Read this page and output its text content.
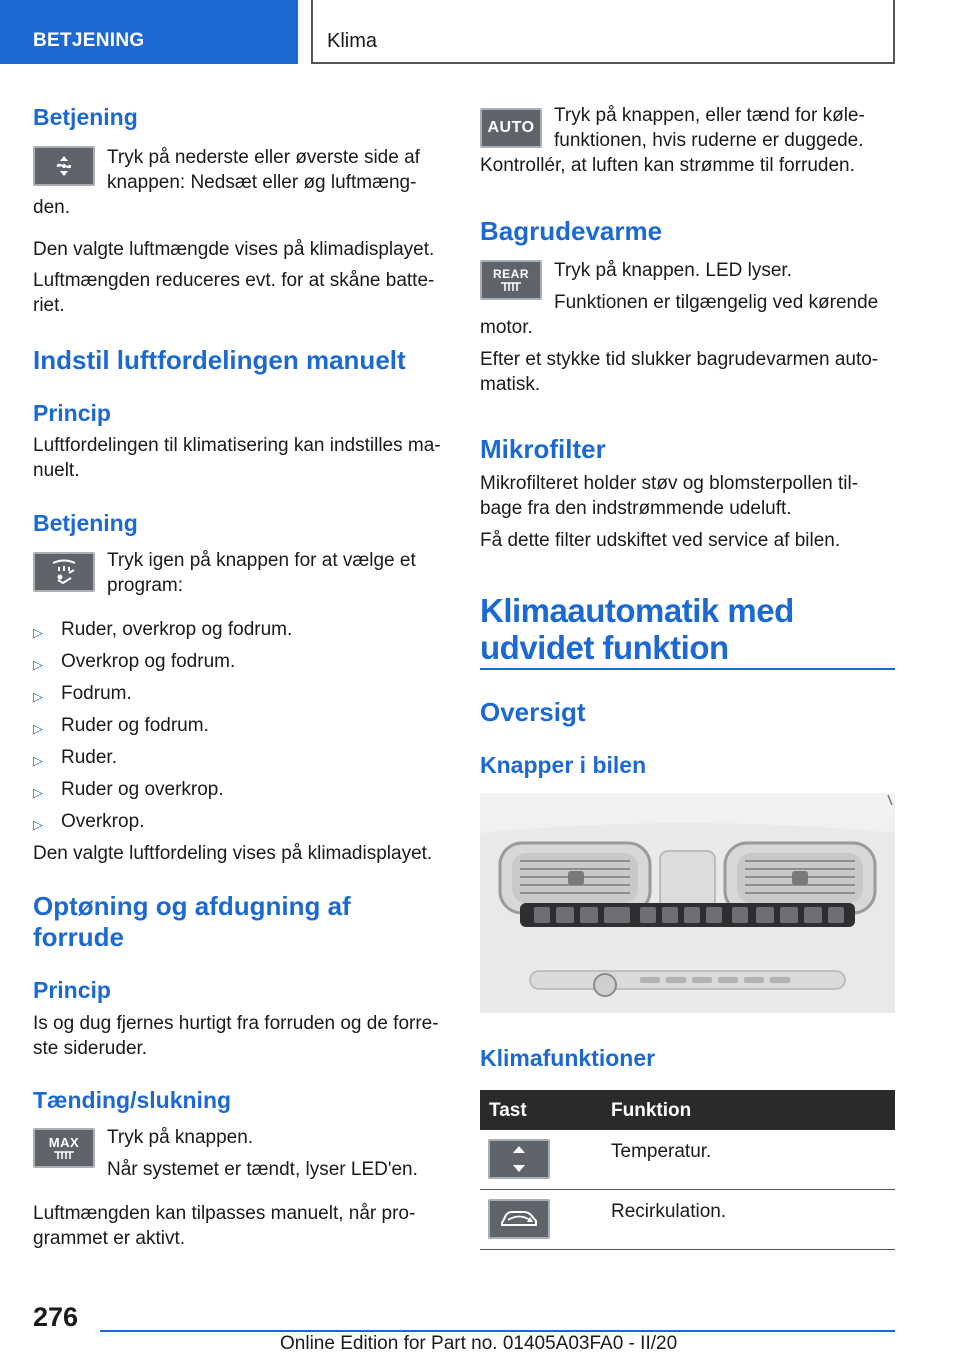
BETJENING	Klima
Betjening
Tryk på nederste eller øverste side af
knappen: Nedsæt eller øg luftmæng-
den.
Den valgte luftmængde vises på klimadisplayet.
Luftmængden reduceres evt. for at skåne batte-
riet.
Indstil luftfordelingen manuelt
Princip
Luftfordelingen til klimatisering kan indstilles ma-
nuelt.
Betjening
Tryk igen på knappen for at vælge et
program:
▷ Ruder, overkrop og fodrum.
▷ Overkrop og fodrum.
▷ Fodrum.
▷ Ruder og fodrum.
▷ Ruder.
▷ Ruder og overkrop.
▷ Overkrop.
Den valgte luftfordeling vises på klimadisplayet.
Optøning og afdugning af
forrude
Princip
Is og dug fjernes hurtigt fra forruden og de forre-
ste sideruder.
Tænding/slukning
MAX Tryk på knappen.
Når systemet er tændt, lyser LED'en.
Luftmængden kan tilpasses manuelt, når pro-
grammet er aktivt.
AUTO
Tryk på knappen, eller tænd for køle-
funktionen, hvis ruderne er duggede.
Kontrollér, at luften kan strømme til forruden.
Bagrudevarme
REAR Tryk på knappen. LED lyser.
Funktionen er tilgængelig ved kørende
motor.
Efter et stykke tid slukker bagrudevarmen auto-
matisk.
Mikrofilter
Mikrofilteret holder støv og blomsterpollen til-
bage fra den indstrømmende udeluft.
Få dette filter udskiftet ved service af bilen.
Klimaautomatik med
udvidet funktion
Oversigt
Knapper i bilen
Klimafunktioner
Tast	Funktion
Temperatur.
Recirkulation.
276
Online Edition for Part no. 01405A03FA0 - II/20
